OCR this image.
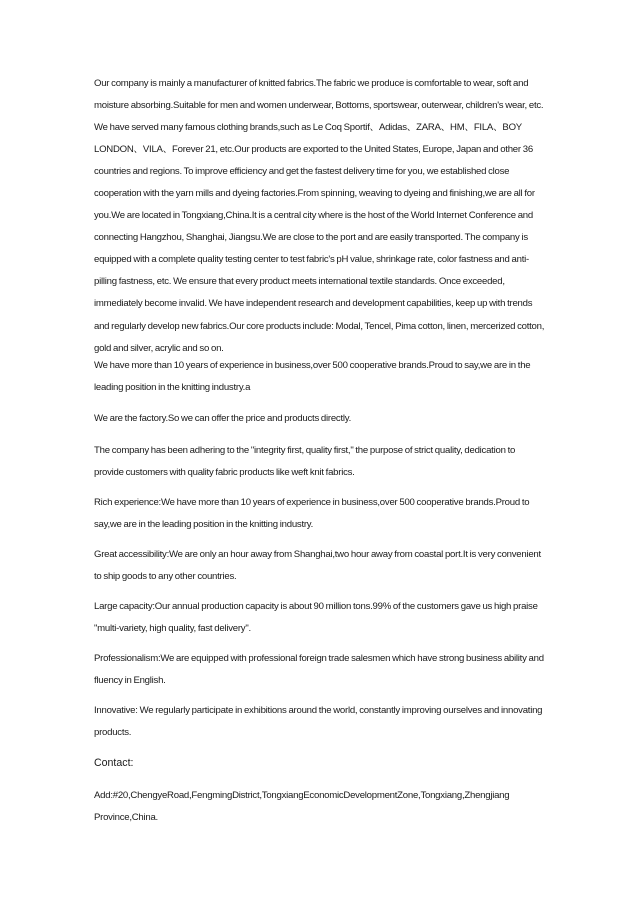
Our company is mainly a manufacturer of knitted fabrics.The fabric we produce is comfortable to wear, soft and moisture absorbing.Suitable for men and women underwear, Bottoms, sportswear, outerwear, children's wear, etc. We have served many famous clothing brands,such as Le Coq Sportif、Adidas、ZARA、HM、FILA、BOY LONDON、VILA、Forever 21, etc.Our products are exported to the United States, Europe, Japan and other 36 countries and regions. To improve efficiency and get the fastest delivery time for you, we established close cooperation with the yarn mills and dyeing factories.From spinning, weaving to dyeing and finishing,we are all for you.We are located in Tongxiang,China.It is a central city where is the host of the World Internet Conference and connecting Hangzhou, Shanghai, Jiangsu.We are close to the port and are easily transported. The company is equipped with a complete quality testing center to test fabric's pH value, shrinkage rate, color fastness and anti-pilling fastness, etc. We ensure that every product meets international textile standards. Once exceeded, immediately become invalid. We have independent research and development capabilities, keep up with trends and regularly develop new fabrics.Our core products include: Modal, Tencel, Pima cotton, linen, mercerized cotton, gold and silver, acrylic and so on.

We have more than 10 years of experience in business,over 500 cooperative brands.Proud to say,we are in the leading position in the knitting industry.a

We are the factory.So we can offer the price and products directly.

The company has been adhering to the "integrity first, quality first," the purpose of strict quality, dedication to provide customers with quality fabric products like weft knit fabrics.

Rich experience:We have more than 10 years of experience in business,over 500 cooperative brands.Proud to say,we are in the leading position in the knitting industry.

Great accessibility:We are only an hour away from Shanghai,two hour away from coastal port.It is very convenient to ship goods to any other countries.

Large capacity:Our annual production capacity is about 90 million tons.99% of the customers gave us high praise "multi-variety, high quality, fast delivery".

Professionalism:We are equipped with professional foreign trade salesmen which have strong business ability and fluency in English.

Innovative: We regularly participate in exhibitions around the world, constantly improving ourselves and innovating products.

Contact:

Add:#20,ChengyeRoad,FengmingDistrict,TongxiangEconomicDevelopmentZone,Tongxiang,Zhengjiang Province,China.
